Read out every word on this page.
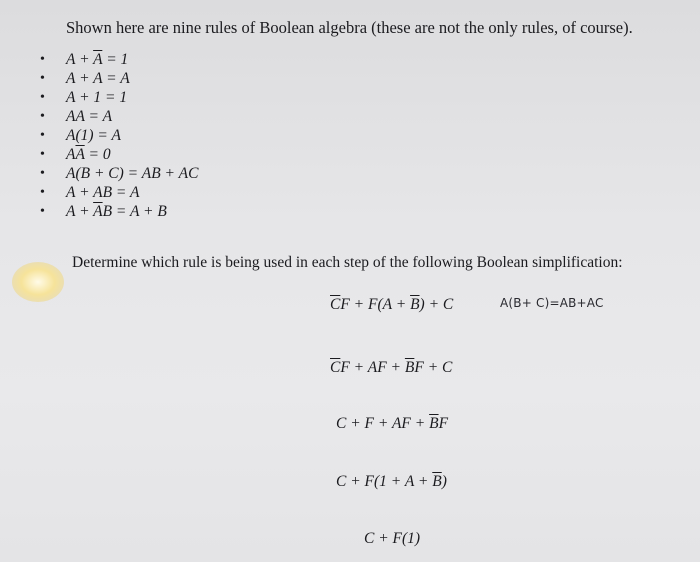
Shown here are nine rules of Boolean algebra (these are not the only rules, of course).
• $A + \overline{A} = 1$
• A + A = A
• A + 1 = 1
• AA = A
• A(1) = A
• $A\overline{A} = 0$
• A(B + C) = AB + AC
• A + AB = A
• $A + \overline{A}B = A + B$
Determine which rule is being used in each step of the following Boolean simplification:
$\overline{C}F + F(A + \overline{B}) + C$	A(B+ C)=AB+AC
$\overline{C}F$ + AF + $\overline{B}F + C$
C + F + AF + $\overline{B}F$
$C + F(1 + A + \overline{B})$
C + F(1)
